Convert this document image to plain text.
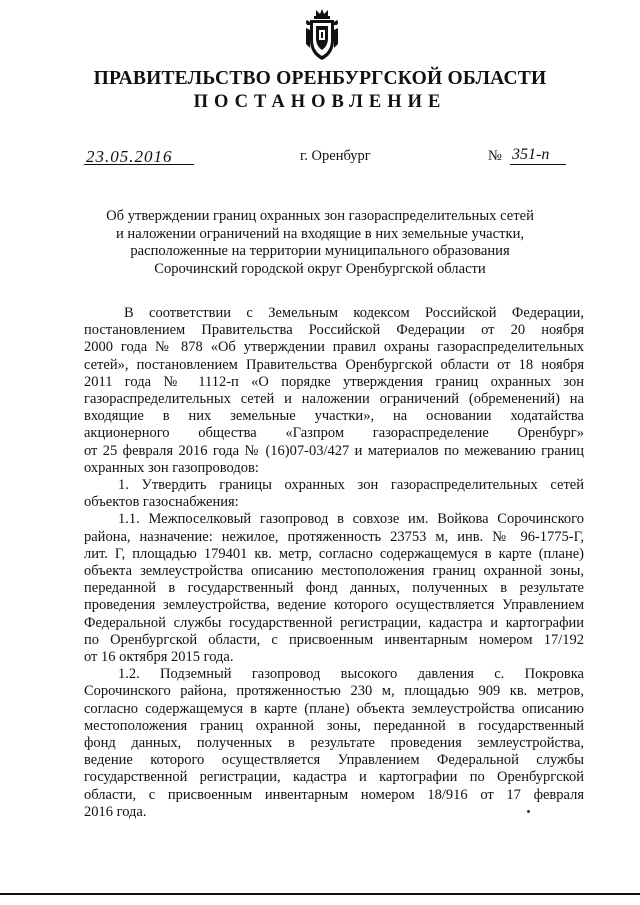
ПРАВИТЕЛЬСТВО ОРЕНБУРГСКОЙ ОБЛАСТИ
ПОСТАНОВЛЕНИЕ
23.05.2016	г. Оренбург	№ 351-п
Об утверждении границ охранных зон газораспределительных сетей
и наложении ограничений на входящие в них земельные участки,
расположенные на территории муниципального образования
Сорочинский городской округ Оренбургской области
В соответствии с Земельным кодексом Российской Федерации,
постановлением Правительства Российской Федерации от 20 ноября
2000 года № 878 «Об утверждении правил охраны газораспределительных
сетей», постановлением Правительства Оренбургской области от 18 ноября
2011 года № 1112-п «О порядке утверждения границ охранных зон
газораспределительных сетей и наложении ограничений (обременений) на
входящие в них земельные участки», на основании ходатайства
акционерного общества «Газпром газораспределение Оренбург»
от 25 февраля 2016 года № (16)07-03/427 и материалов по межеванию границ
охранных зон газопроводов:
1. Утвердить границы охранных зон газораспределительных сетей
объектов газоснабжения:
1.1. Межпоселковый газопровод в совхозе им. Войкова Сорочинского
района, назначение: нежилое, протяженность 23753 м, инв. № 96-1775-Г,
лит. Г, площадью 179401 кв. метр, согласно содержащемуся в карте (плане)
объекта землеустройства описанию местоположения границ охранной зоны,
переданной в государственный фонд данных, полученных в результате
проведения землеустройства, ведение которого осуществляется Управлением
Федеральной службы государственной регистрации, кадастра и картографии
по Оренбургской области, с присвоенным инвентарным номером 17/192
от 16 октября 2015 года.
1.2. Подземный газопровод высокого давления с. Покровка
Сорочинского района, протяженностью 230 м, площадью 909 кв. метров,
согласно содержащемуся в карте (плане) объекта землеустройства описанию
местоположения границ охранной зоны, переданной в государственный
фонд данных, полученных в результате проведения землеустройства,
ведение которого осуществляется Управлением Федеральной службы
государственной регистрации, кадастра и картографии по Оренбургской
области, с присвоенным инвентарным номером 18/916 от 17 февраля
2016 года.
